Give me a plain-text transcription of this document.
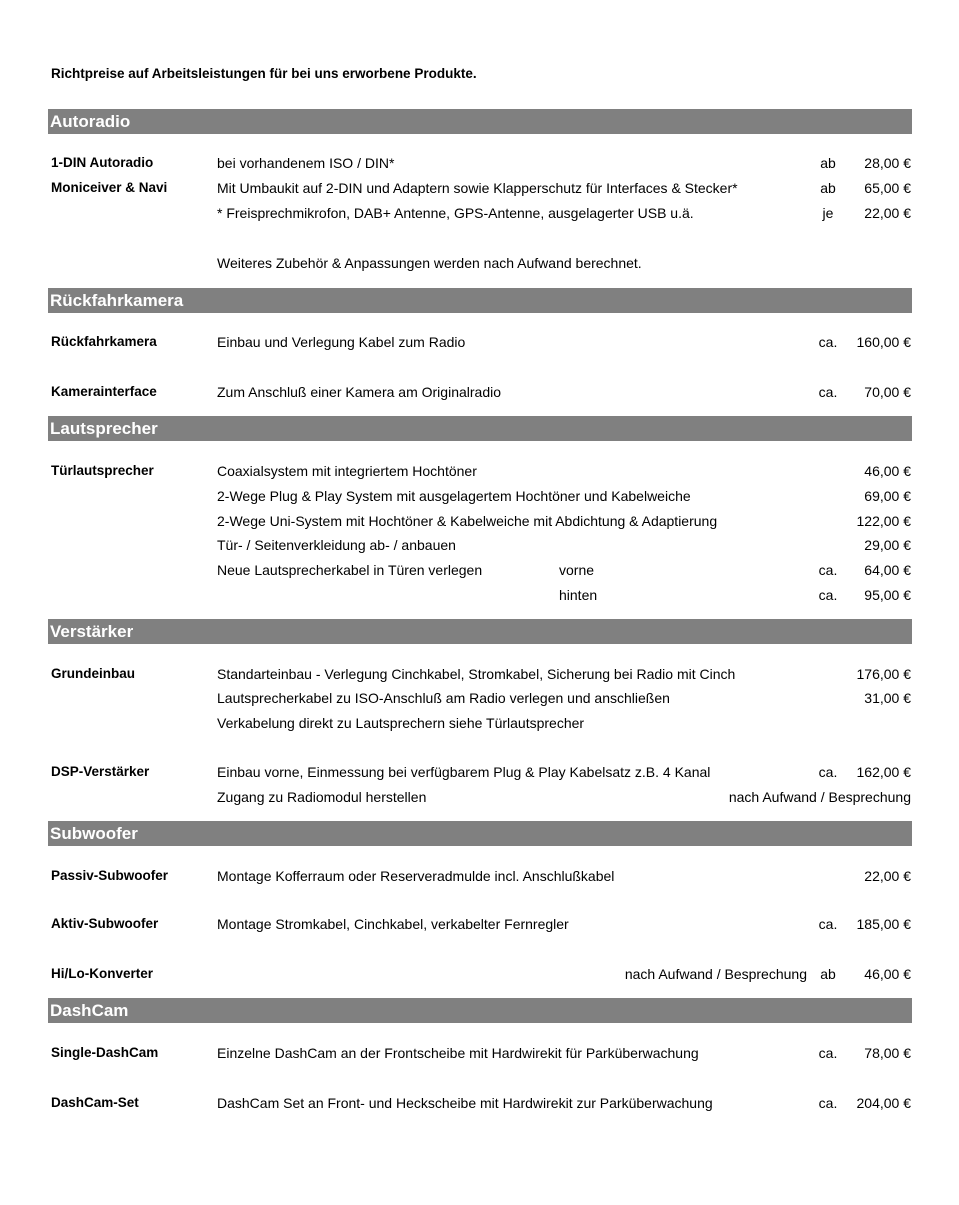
Richtpreise auf Arbeitsleistungen für bei uns erworbene Produkte.
Autoradio
1-DIN Autoradio	bei vorhandenem ISO / DIN*	ab 28,00 €
Moniceiver & Navi	Mit Umbaukit auf 2-DIN und Adaptern sowie Klapperschutz für Interfaces & Stecker*	ab 65,00 €
* Freisprechmikrofon, DAB+ Antenne, GPS-Antenne, ausgelagerter USB u.ä.	je	22,00 €
Weiteres Zubehör & Anpassungen werden nach Aufwand berechnet.
Rückfahrkamera
Rückfahrkamera	Einbau und Verlegung Kabel zum Radio	ca. 160,00 €
Kamerainterface	Zum Anschluß einer Kamera am Originalradio	ca. 70,00 €
Lautsprecher
Türlautsprecher	Coaxialsystem mit integriertem Hochtöner	46,00 €
2-Wege Plug & Play System mit ausgelagertem Hochtöner und Kabelweiche	69,00 €
2-Wege Uni-System mit Hochtöner & Kabelweiche mit Abdichtung & Adaptierung	122,00 €
Tür- / Seitenverkleidung ab- / anbauen	29,00 €
Neue Lautsprecherkabel in Türen verlegen	vorne	ca. 64,00 €
hinten	ca. 95,00 €
Verstärker
Grundeinbau	Standarteinbau - Verlegung Cinchkabel, Stromkabel, Sicherung bei Radio mit Cinch	176,00 €
Lautsprecherkabel zu ISO-Anschluß am Radio verlegen und anschließen	31,00 €
Verkabelung direkt zu Lautsprechern siehe Türlautsprecher
DSP-Verstärker	Einbau vorne, Einmessung bei verfügbarem Plug & Play Kabelsatz z.B. 4 Kanal	ca. 162,00 €
Zugang zu Radiomodul herstellen	nach Aufwand / Besprechung
Subwoofer
Passiv-Subwoofer	Montage Kofferraum oder Reserveradmulde incl. Anschlußkabel	22,00 €
Aktiv-Subwoofer	Montage Stromkabel, Cinchkabel, verkabelter Fernregler	ca. 185,00 €
Hi/Lo-Konverter	nach Aufwand / Besprechung ab 46,00 €
DashCam
Single-DashCam	Einzelne DashCam an der Frontscheibe mit Hardwirekit für Parküberwachung	ca. 78,00 €
DashCam-Set	DashCam Set an Front- und Heckscheibe mit Hardwirekit zur Parküberwachung	ca. 204,00 €
